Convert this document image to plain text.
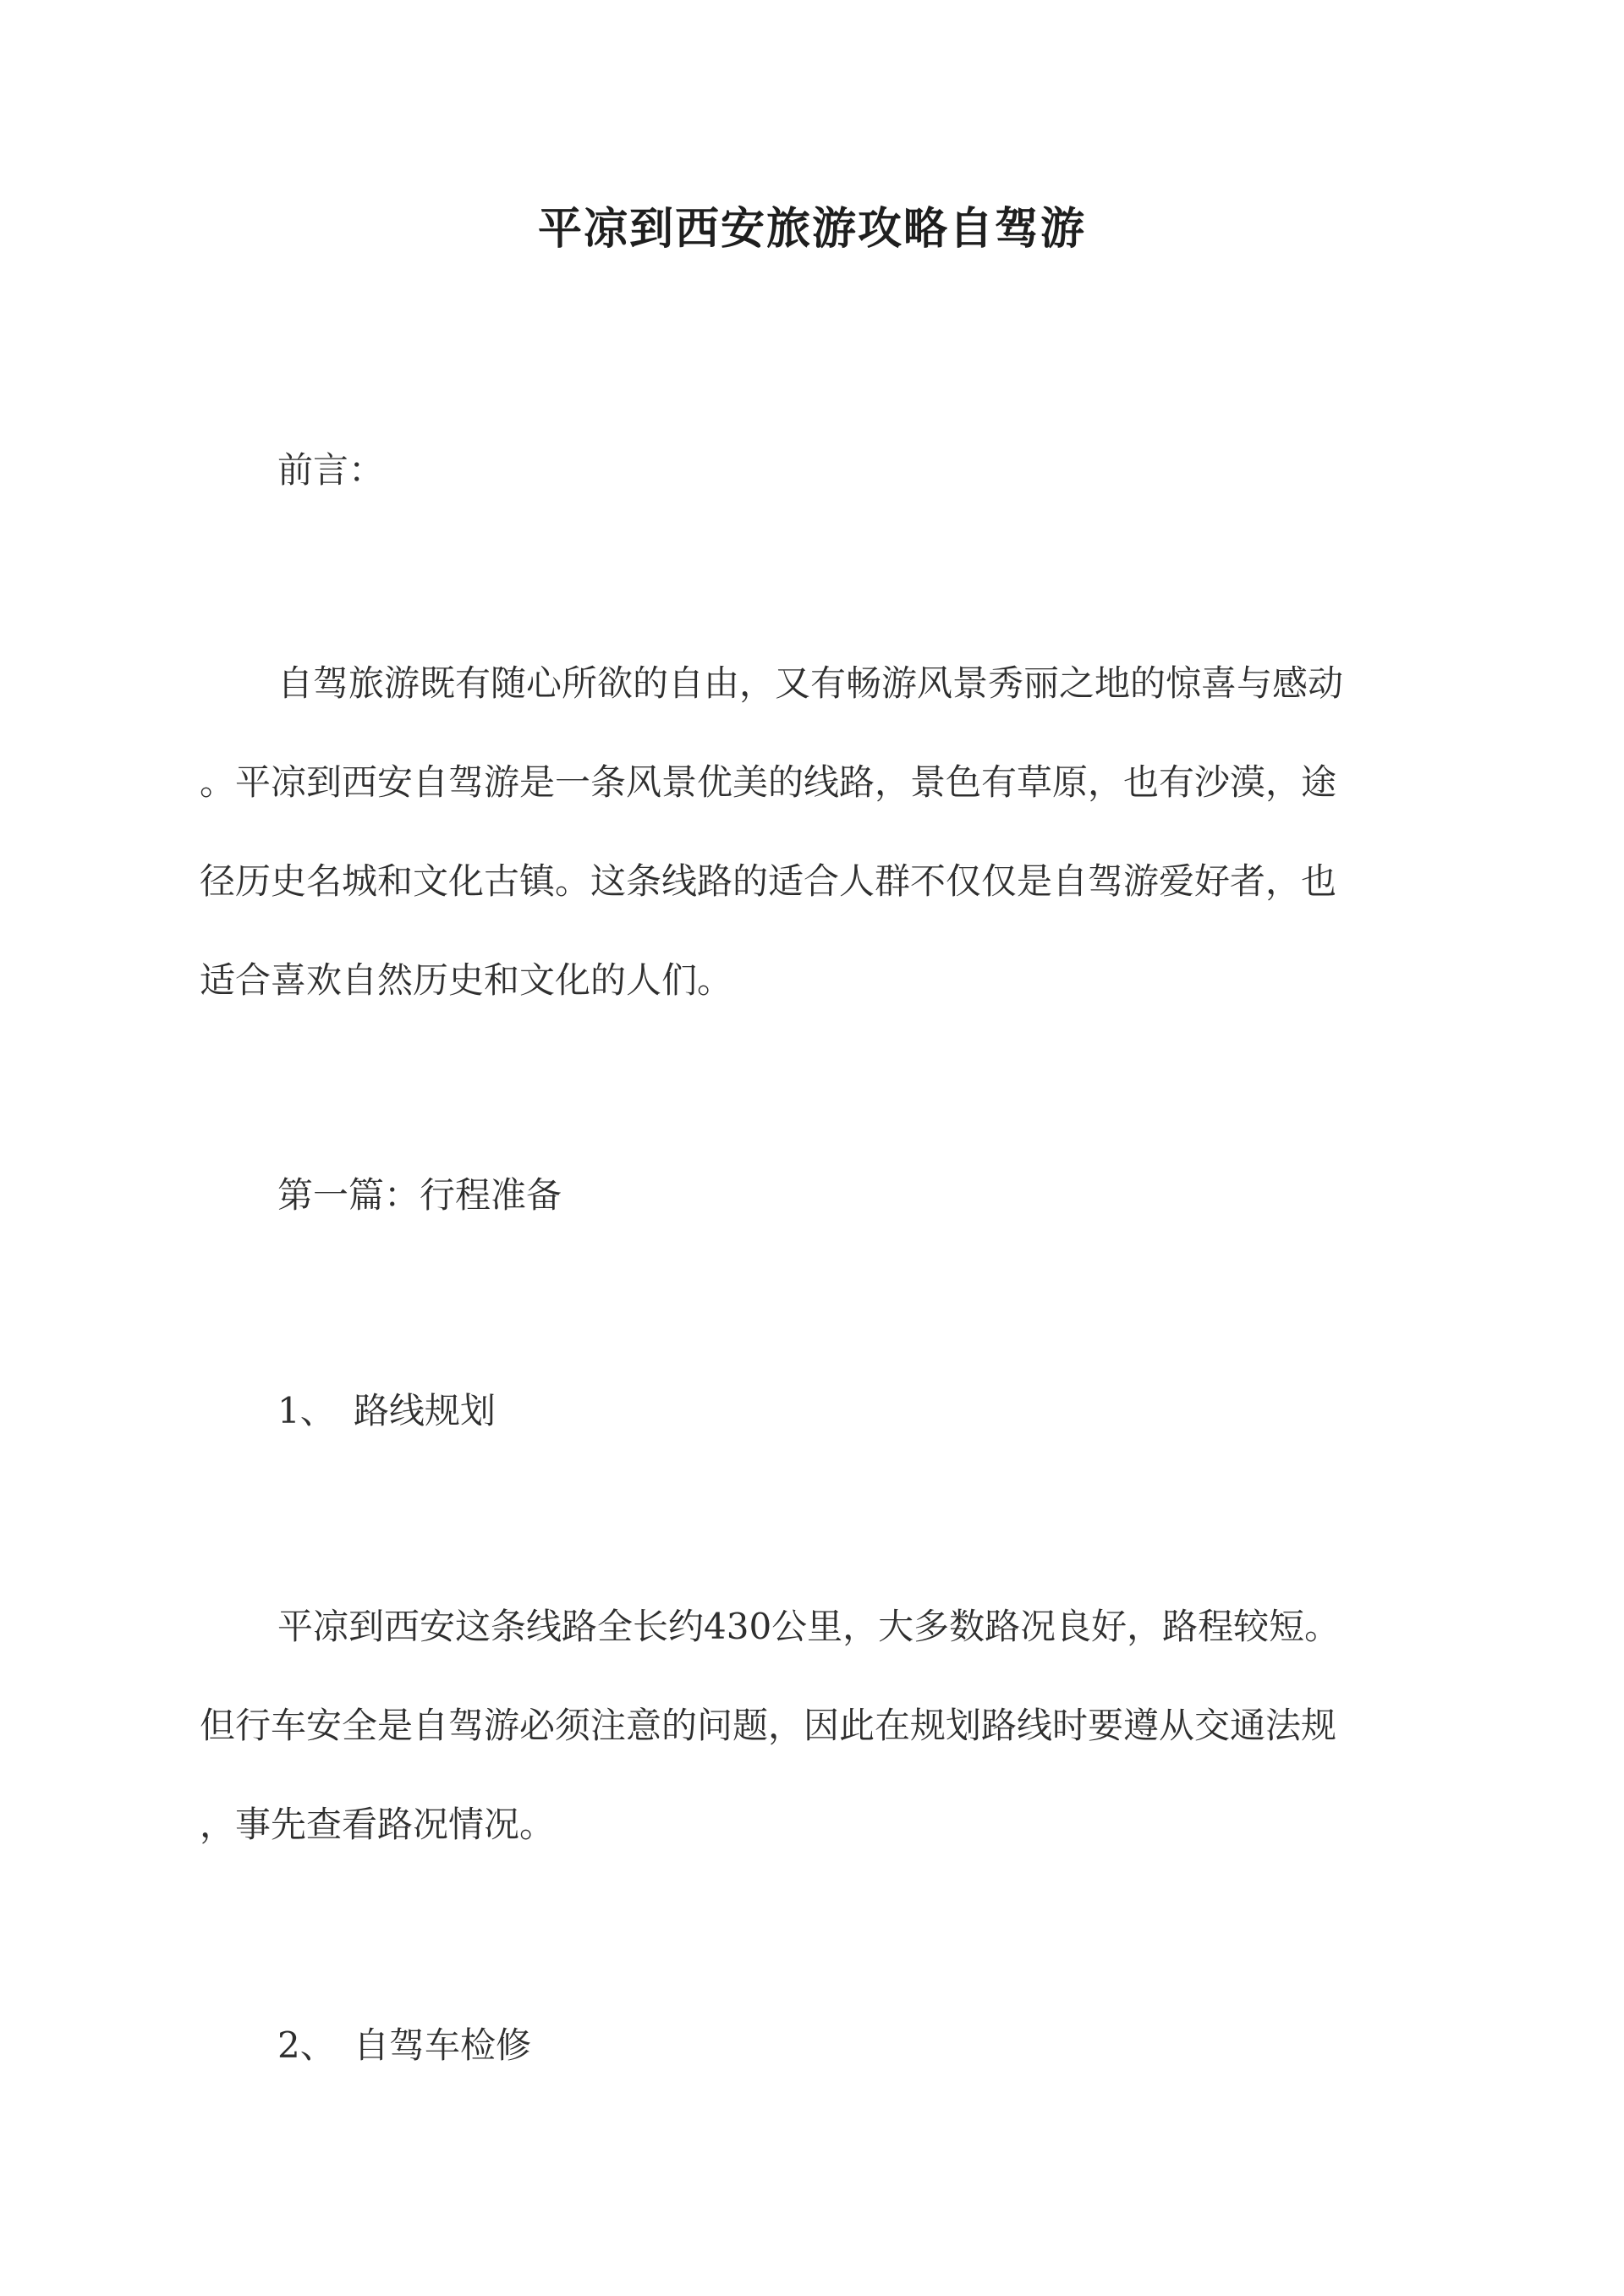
平凉到西安旅游攻略自驾游

前言：

自驾旅游既有随心所欲的自由，又有畅游风景秀丽之地的惊喜与感动

。平凉到西安自驾游是一条风景优美的线路，景色有草原，也有沙漠，途

径历史名城和文化古镇。这条线路的适合人群不仅仅是自驾游爱好者，也

适合喜欢自然历史和文化的人们。

第一篇：行程准备

1、 路线规划

平凉到西安这条线路全长约430公里，大多数路况良好，路程较短。

但行车安全是自驾游必须注意的问题，因此在规划路线时要遵从交通法规

，事先查看路况情况。

2、 自驾车检修
